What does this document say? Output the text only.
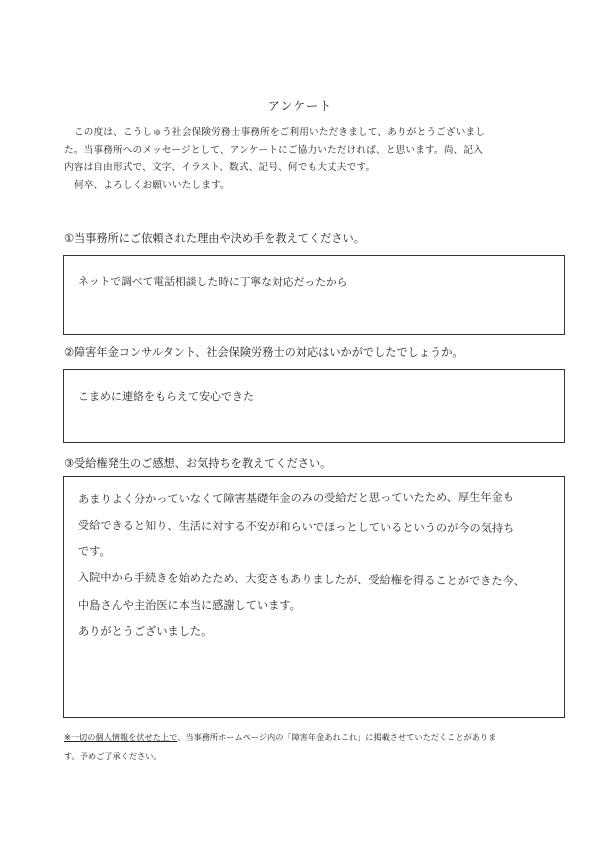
アンケート

この度は、こうしゅう社会保険労務士事務所をご利用いただきまして、ありがとうございまし

た。当事務所へのメッセージとして、アンケートにご協力いただければ、と思います。尚、記入

内容は自由形式で、文字、イラスト、数式、記号、何でも大丈夫です。

何卒、よろしくお願いいたします。

①当事務所にご依頼された理由や決め手を教えてください。
ネットで調べて電話相談した時に丁寧な対応だったから
②障害年金コンサルタント、社会保険労務士の対応はいかがでしたでしょうか。
こまめに連絡をもらえて安心できた
③受給権発生のご感想、お気持ちを教えてください。
あまりよく分かっていなくて障害基礎年金のみの受給だと思っていたため、厚生年金も
受給できると知り、生活に対する不安が和らいでほっとしているというのが今の気持ち
です。
入院中から手続きを始めたため、大変さもありましたが、受給権を得ることができた今、
中島さんや主治医に本当に感謝しています。
ありがとうございました。

※一切の個人情報を伏せた上で、当事務所ホームページ内の「障害年金あれこれ」に掲載させていただくことがありま

す。予めご了承ください。
